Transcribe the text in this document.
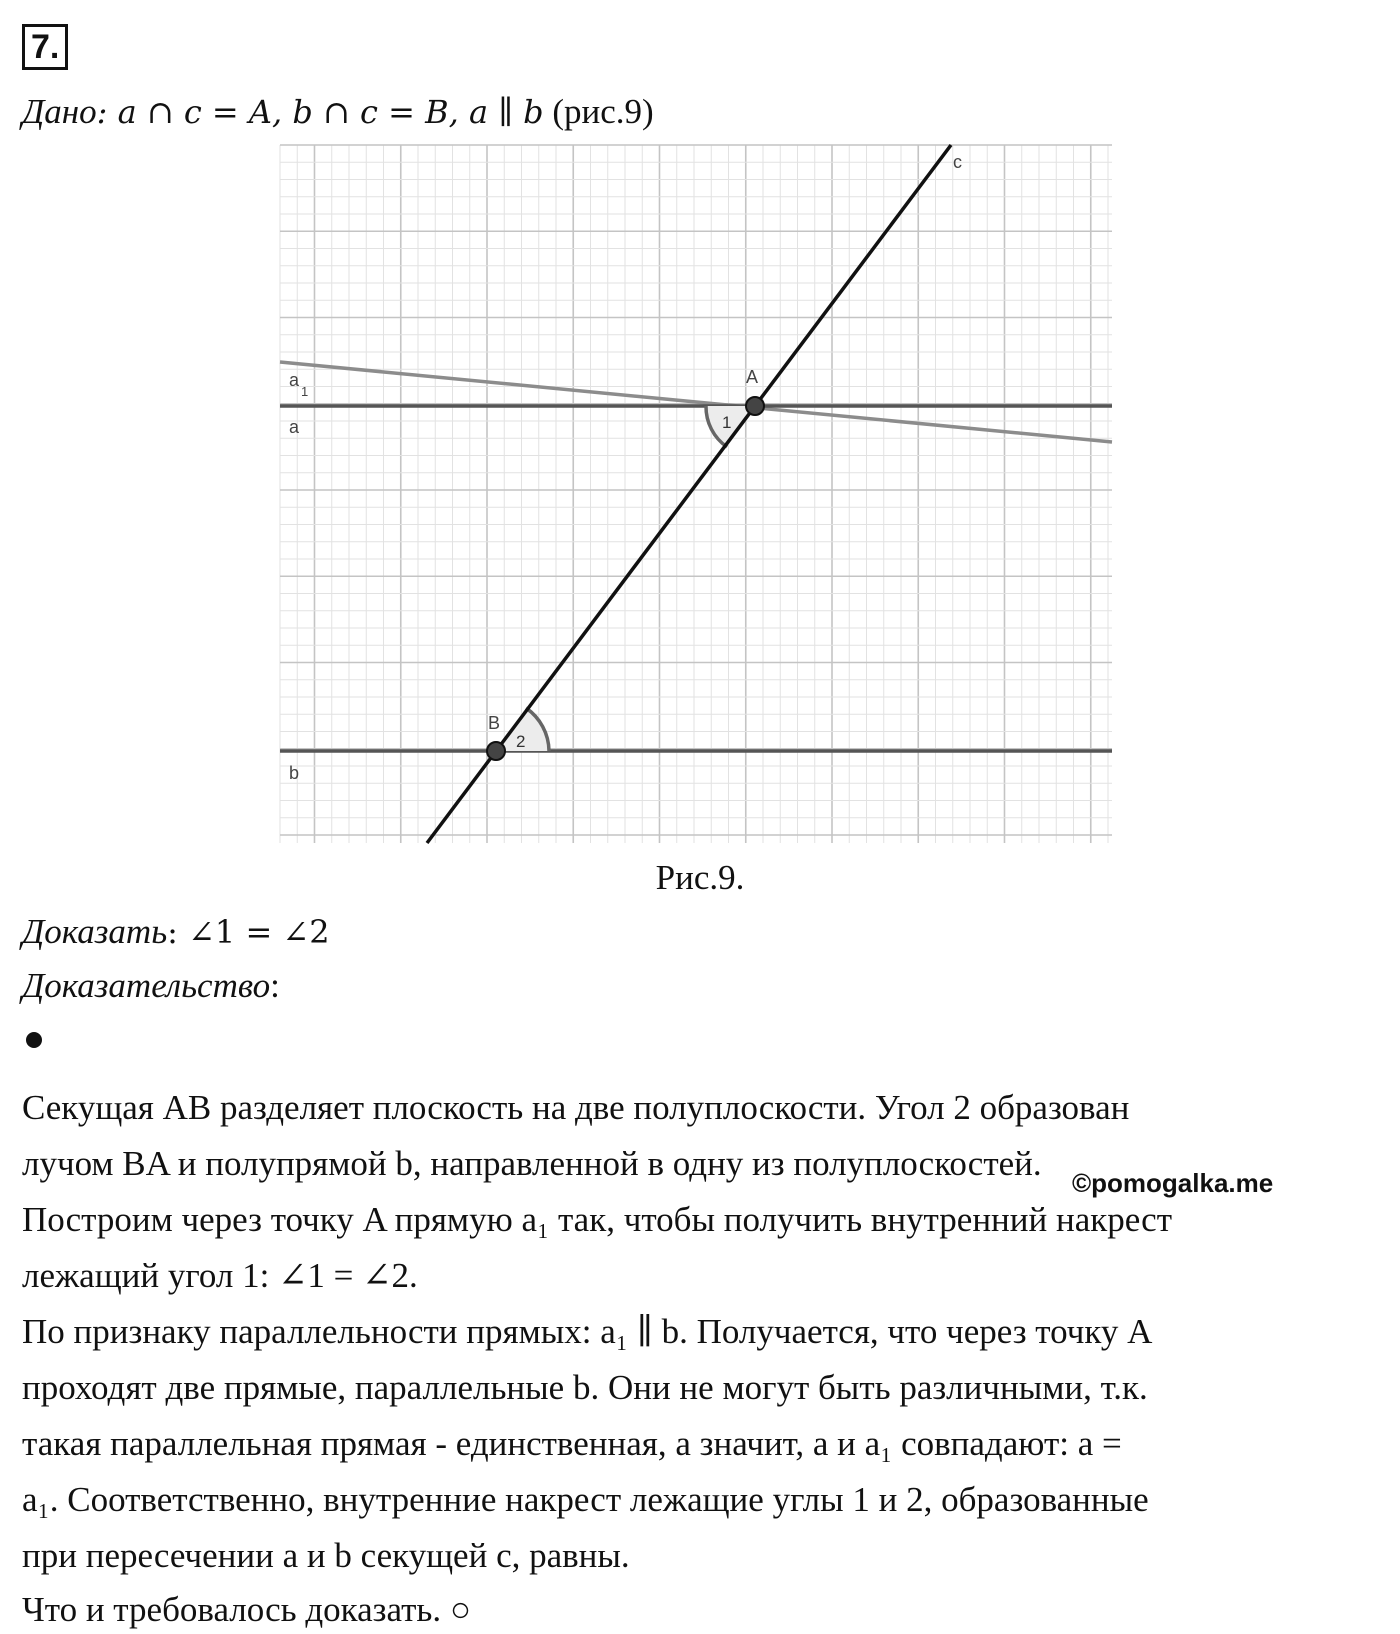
7.
Дано: a ∩ c = A, b ∩ c = B, a ∥ b (рис.9)
c
a
1
a
b
A
B
1
2
Рис.9.
Доказать: ∠1 = ∠2
Доказательство:
Секущая AB разделяет плоскость на две полуплоскости. Угол 2 образован
лучом BA и полупрямой b, направленной в одну из полуплоскостей.
Построим через точку A прямую a₁ так, чтобы получить внутренний накрест
лежащий угол 1: ∠1 = ∠2.
По признаку параллельности прямых: a₁ ∥ b. Получается, что через точку А
проходят две прямые, параллельные b. Они не могут быть различными, т.к.
такая параллельная прямая - единственная, а значит, a и a₁ совпадают: a =
a₁. Соответственно, внутренние накрест лежащие углы 1 и 2, образованные
при пересечении a и b секущей c, равны.
Что и требовалось доказать. ○
©pomogalka.me
